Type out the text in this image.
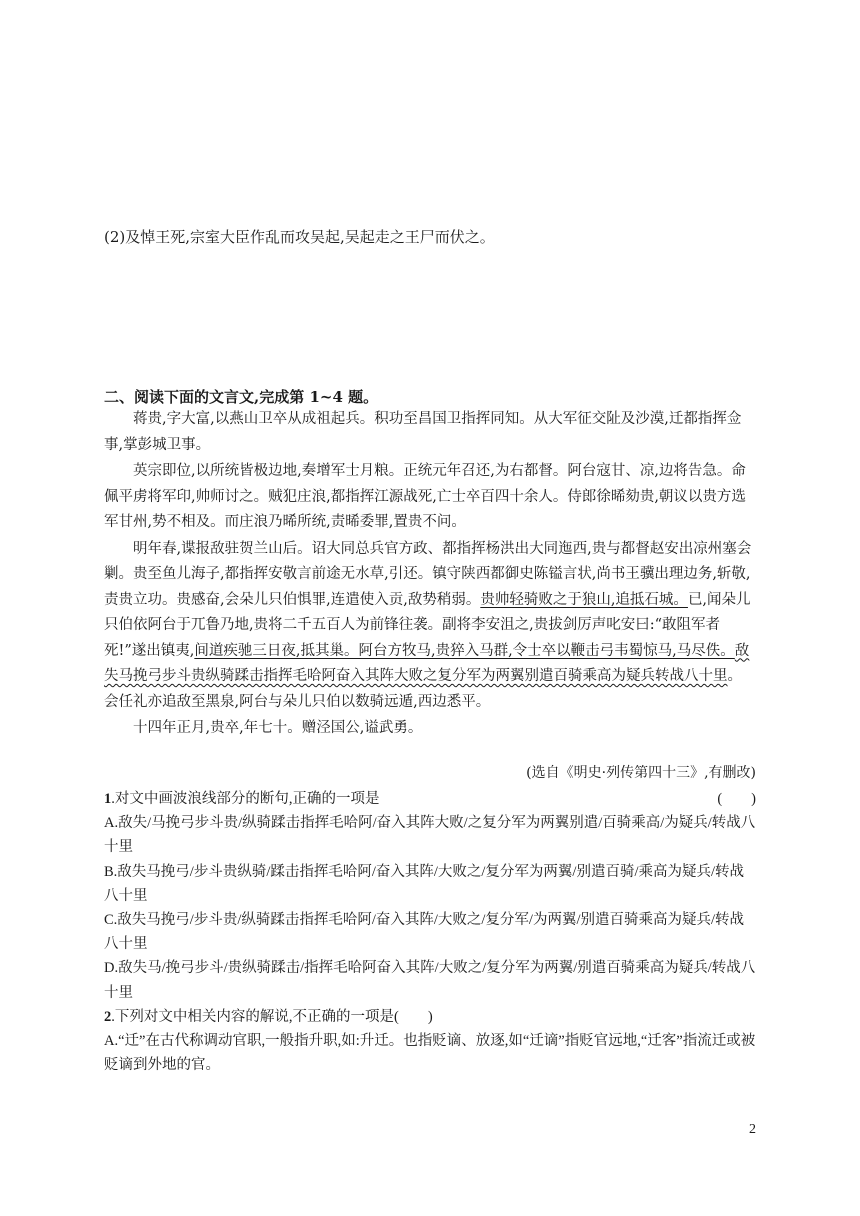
(2)及悼王死,宗室大臣作乱而攻吴起,吴起走之王尸而伏之。
二、阅读下面的文言文,完成第 1~4 题。

蒋贵,字大富,以燕山卫卒从成祖起兵。积功至昌国卫指挥同知。从大军征交阯及沙漠,迁都指挥佥事,掌彭城卫事。

英宗即位,以所统皆极边地,奏增军士月粮。正统元年召还,为右都督。阿台寇甘、凉,边将告急。命佩平虏将军印,帅师讨之。贼犯庄浪,都指挥江源战死,亡士卒百四十余人。侍郎徐晞劾贵,朝议以贵方选军甘州,势不相及。而庄浪乃晞所统,责晞委罪,置贵不问。

明年春,谍报敌驻贺兰山后。诏大同总兵官方政、都指挥杨洪出大同迤西,贵与都督赵安出凉州塞会剿。贵至鱼儿海子,都指挥安敬言前途无水草,引还。镇守陕西都御史陈镒言状,尚书王骥出理边务,斩敬,责贵立功。贵感奋,会朵儿只伯惧罪,连遣使入贡,敌势稍弱。贵帅轻骑败之于狼山,追抵石城。已,闻朵儿只伯依阿台于兀鲁乃地,贵将二千五百人为前锋往袭。副将李安沮之,贵拔剑厉声叱安曰:“敢阻军者死!”遂出镇夷,间道疾驰三日夜,抵其巢。阿台方牧马,贵猝入马群,令士卒以鞭击弓韦蜀惊马,马尽佚。敌失马挽弓步斗贵纵骑蹂击指挥毛哈阿奋入其阵大败之复分军为两翼别遣百骑乘高为疑兵转战八十里。会任礼亦追敌至黑泉,阿台与朵儿只伯以数骑远遁,西边悉平。

十四年正月,贵卒,年七十。赠泾国公,谥武勇。

(选自《明史·列传第四十三》,有删改)
1.对文中画波浪线部分的断句,正确的一项是	(　　)
A.敌失/马挽弓步斗贵/纵骑蹂击指挥毛哈阿/奋入其阵大败/之复分军为两翼别遣/百骑乘高/为疑兵/转战八十里
B.敌失马挽弓/步斗贵纵骑/蹂击指挥毛哈阿/奋入其阵/大败之/复分军为两翼/别遣百骑/乘高为疑兵/转战八十里
C.敌失马挽弓/步斗贵/纵骑蹂击指挥毛哈阿/奋入其阵/大败之/复分军/为两翼/别遣百骑乘高为疑兵/转战八十里
D.敌失马/挽弓步斗/贵纵骑蹂击/指挥毛哈阿奋入其阵/大败之/复分军为两翼/别遣百骑乘高为疑兵/转战八十里
2.下列对文中相关内容的解说,不正确的一项是(　　)
A.“迁”在古代称调动官职,一般指升职,如:升迁。也指贬谪、放逐,如“迁谪”指贬官远地,“迁客”指流迁或被贬谪到外地的官。
2
